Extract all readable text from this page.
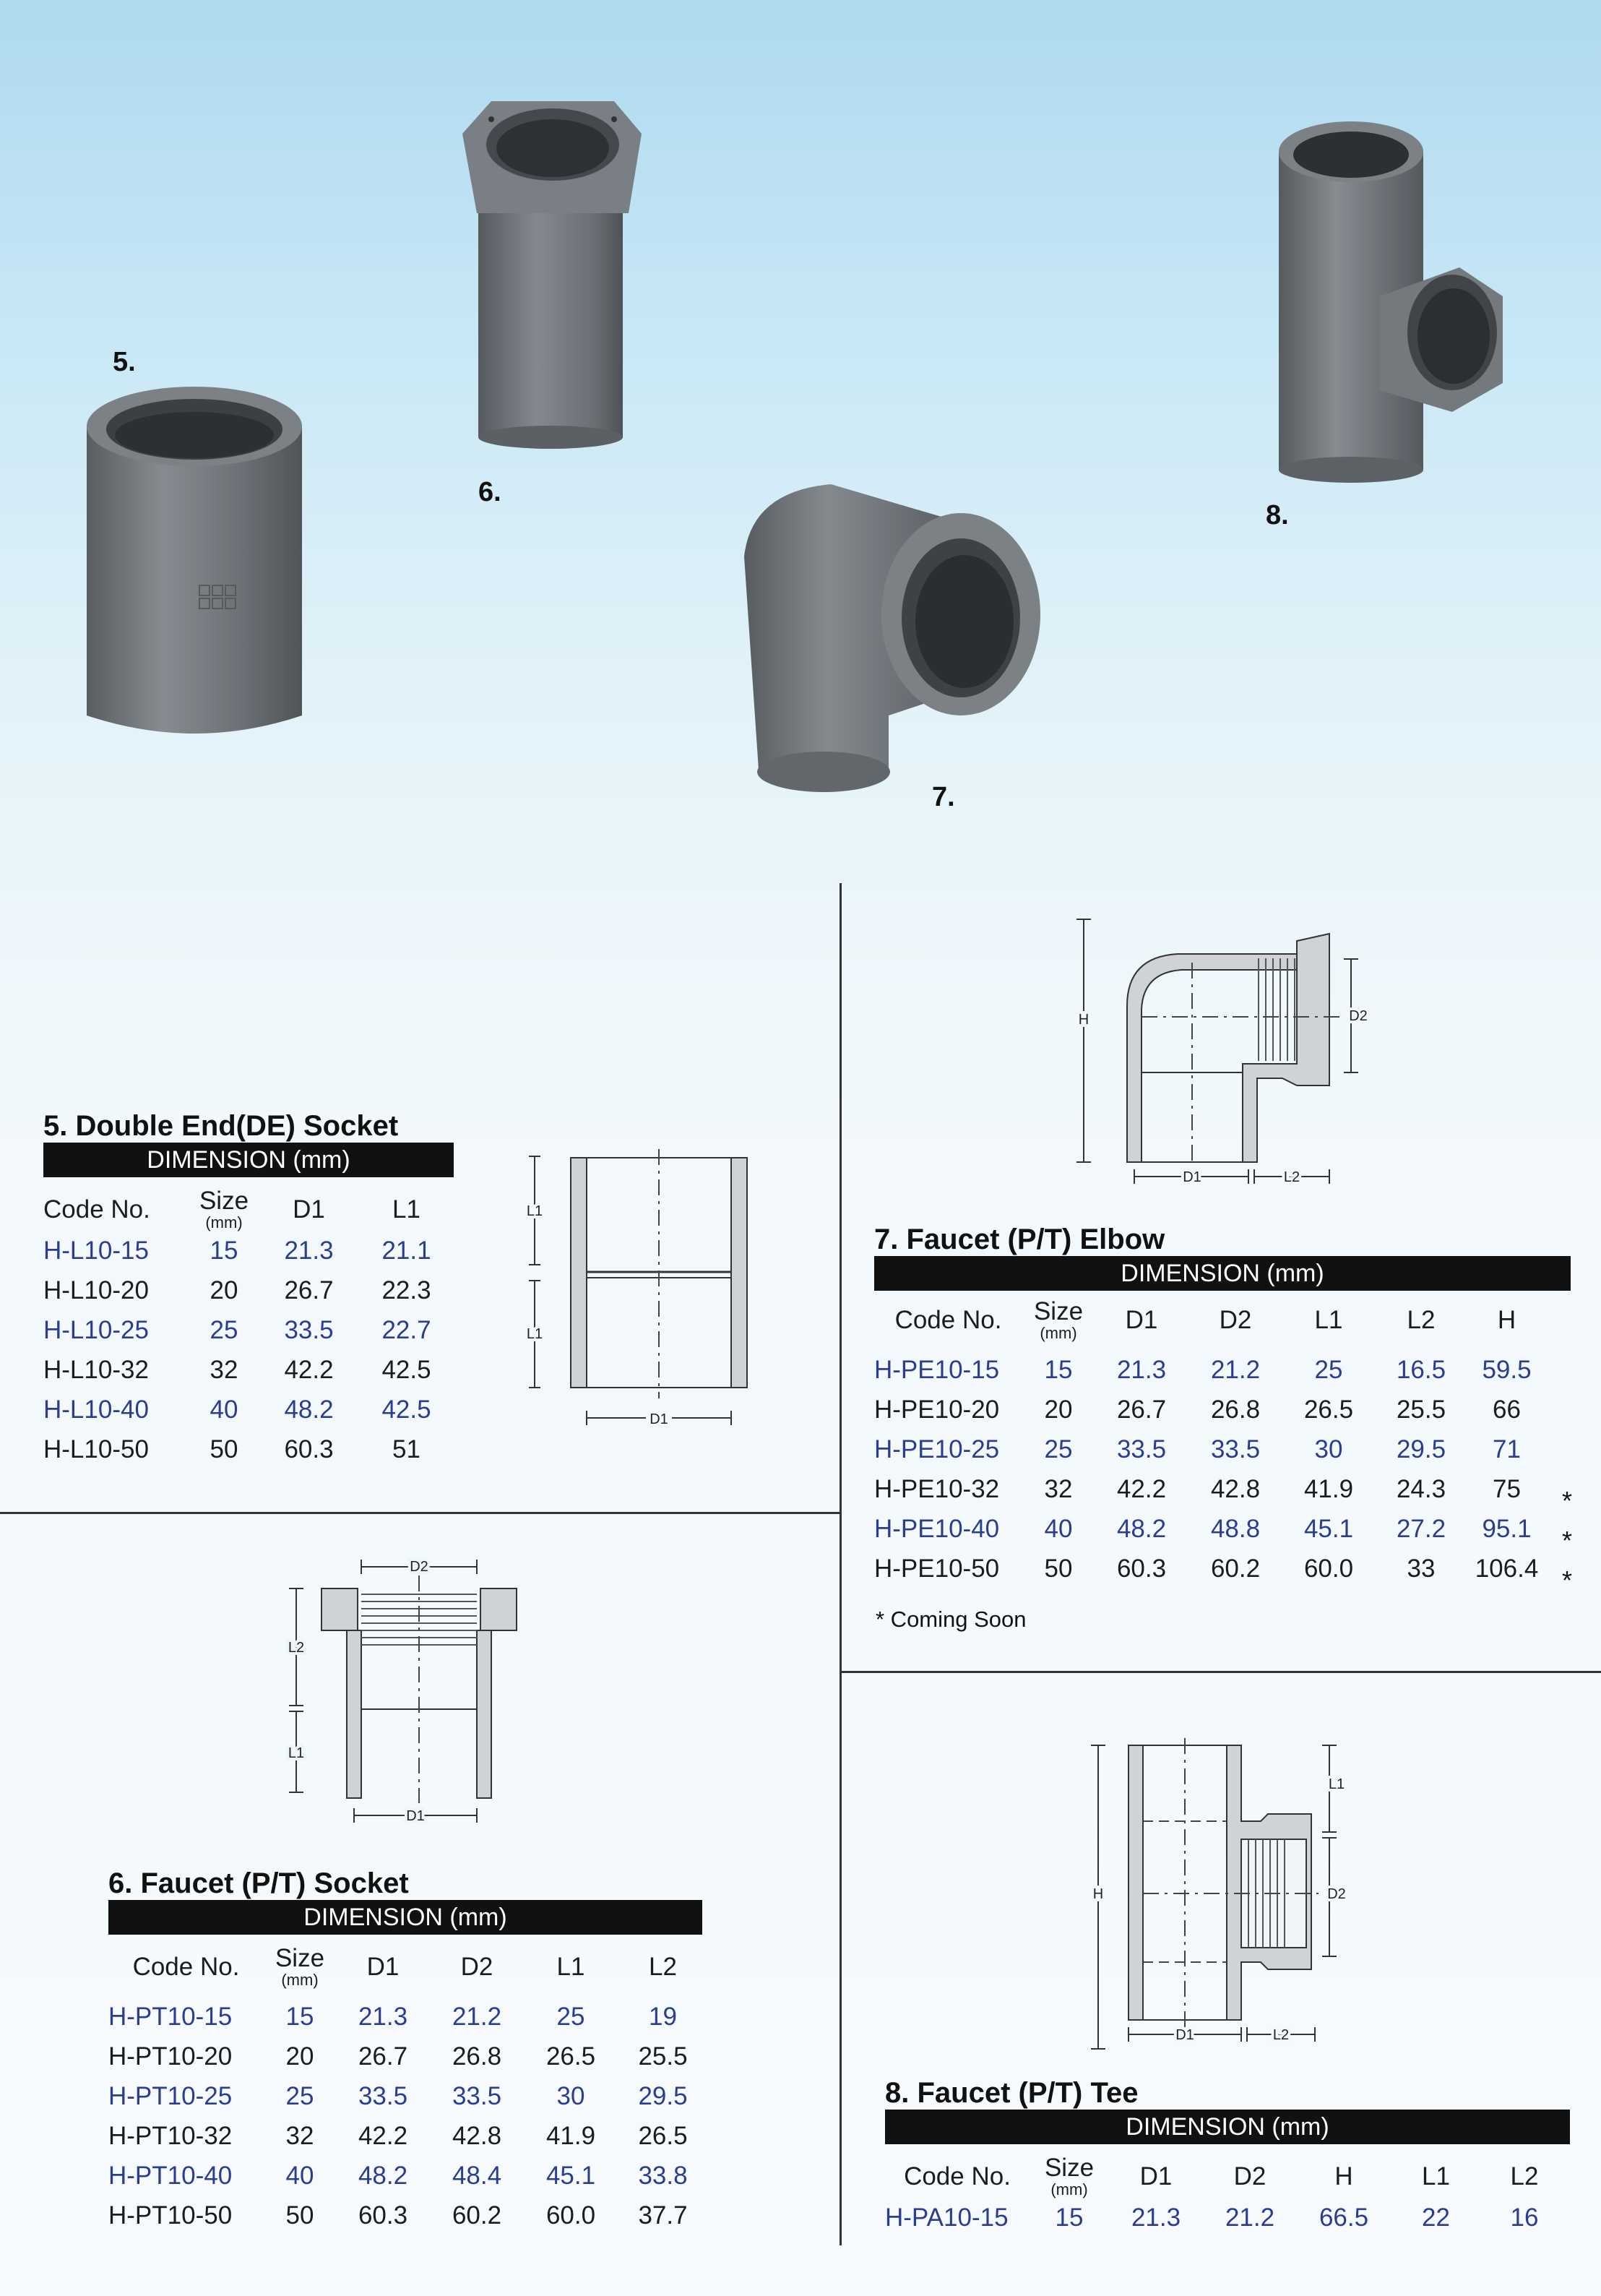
5.
6.
7.
8.
5. Double End(DE) Socket
DIMENSION (mm)
Code No.	Size
(mm)	D1	L1
H-L10-15	15	21.3	21.1
H-L10-20	20	26.7	22.3
H-L10-25	25	33.5	22.7
H-L10-32	32	42.2	42.5
H-L10-40	40	48.2	42.5
H-L10-50	50	60.3	51
L1
L1
D1
D2
L2
L1
D1
6. Faucet (P/T) Socket
DIMENSION (mm)
Code No.	Size
(mm)	D1	D2	L1	L2

H-PT10-15	15	21.3	21.2	25	19
H-PT10-20	20	26.7	26.8	26.5	25.5
H-PT10-25	25	33.5	33.5	30	29.5
H-PT10-32	32	42.2	42.8	41.9	26.5
H-PT10-40	40	48.2	48.4	45.1	33.8
H-PT10-50	50	60.3	60.2	60.0	37.7
H	D2
D1	L2
7. Faucet (P/T) Elbow
DIMENSION (mm)
Code No.	Size
(mm)	D1	D2	L1	L2	H

H-PE10-15	15	21.3	21.2	25	16.5	59.5
H-PE10-20	20	26.7	26.8	26.5	25.5	66
H-PE10-25	25	33.5	33.5	30	29.5	71
H-PE10-32	32	42.2	42.8	41.9	24.3	75
H-PE10-40	40	48.2	48.8	45.1	27.2	95.1
H-PE10-50	50	60.3	60.2	60.0	33	106.4
*
*
*
* Coming Soon
L1
H	D2
D1	L2
8. Faucet (P/T) Tee
DIMENSION (mm)
Code No.	Size
(mm)	D1	D2	H	L1	L2
H-PA10-15	15	21.3	21.2	66.5	22	16
